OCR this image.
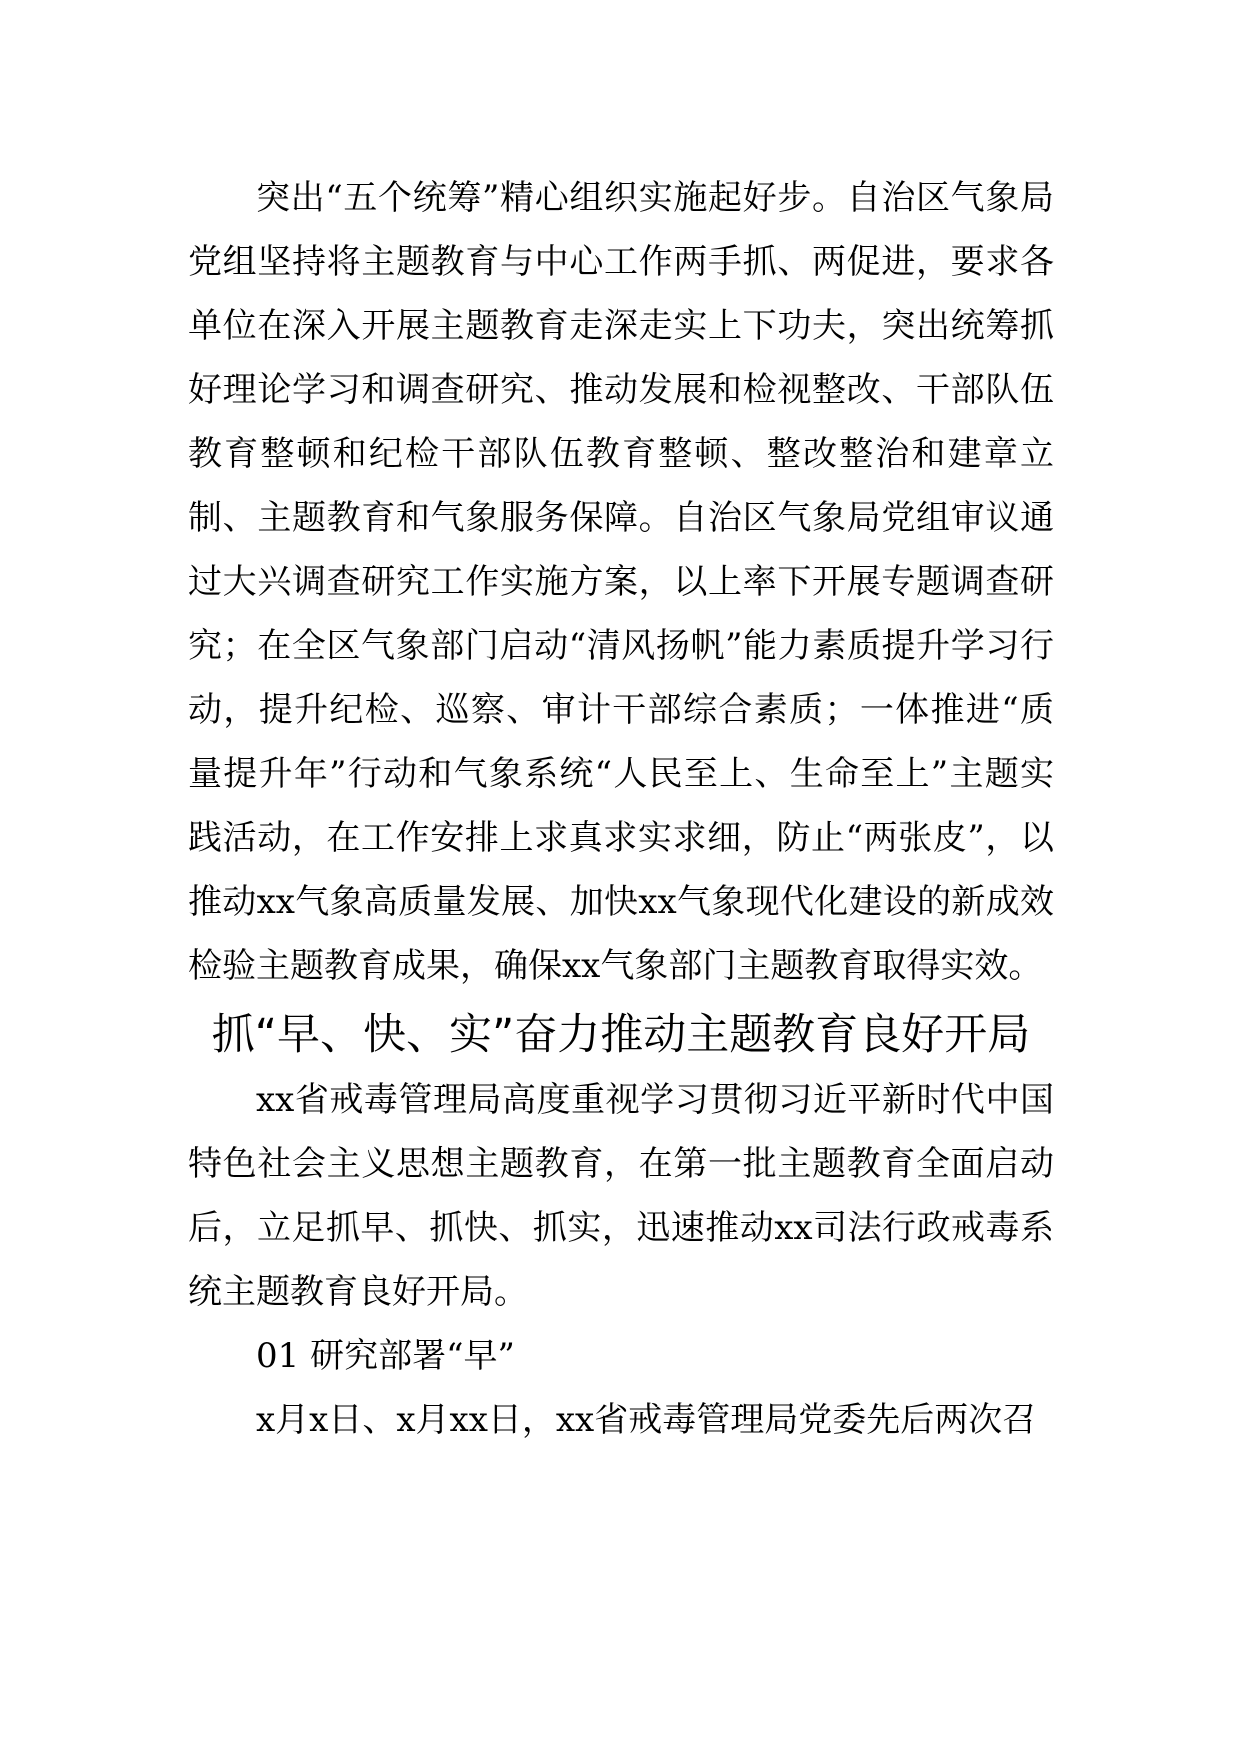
突出“五个统筹”精心组织实施起好步。自治区气象局党组坚持将主题教育与中心工作两手抓、两促进，要求各单位在深入开展主题教育走深走实上下功夫，突出统筹抓好理论学习和调查研究、推动发展和检视整改、干部队伍教育整顿和纪检干部队伍教育整顿、整改整治和建章立制、主题教育和气象服务保障。自治区气象局党组审议通过大兴调查研究工作实施方案，以上率下开展专题调查研究；在全区气象部门启动“清风扬帆”能力素质提升学习行动，提升纪检、巡察、审计干部综合素质；一体推进“质量提升年”行动和气象系统“人民至上、生命至上”主题实践活动，在工作安排上求真求实求细，防止“两张皮”，以推动xx气象高质量发展、加快xx气象现代化建设的新成效检验主题教育成果，确保xx气象部门主题教育取得实效。

抓“早、快、实”奋力推动主题教育良好开局

xx省戒毒管理局高度重视学习贯彻习近平新时代中国特色社会主义思想主题教育，在第一批主题教育全面启动后，立足抓早、抓快、抓实，迅速推动xx司法行政戒毒系统主题教育良好开局。

01 研究部署“早”

x月x日、x月xx日，xx省戒毒管理局党委先后两次召
